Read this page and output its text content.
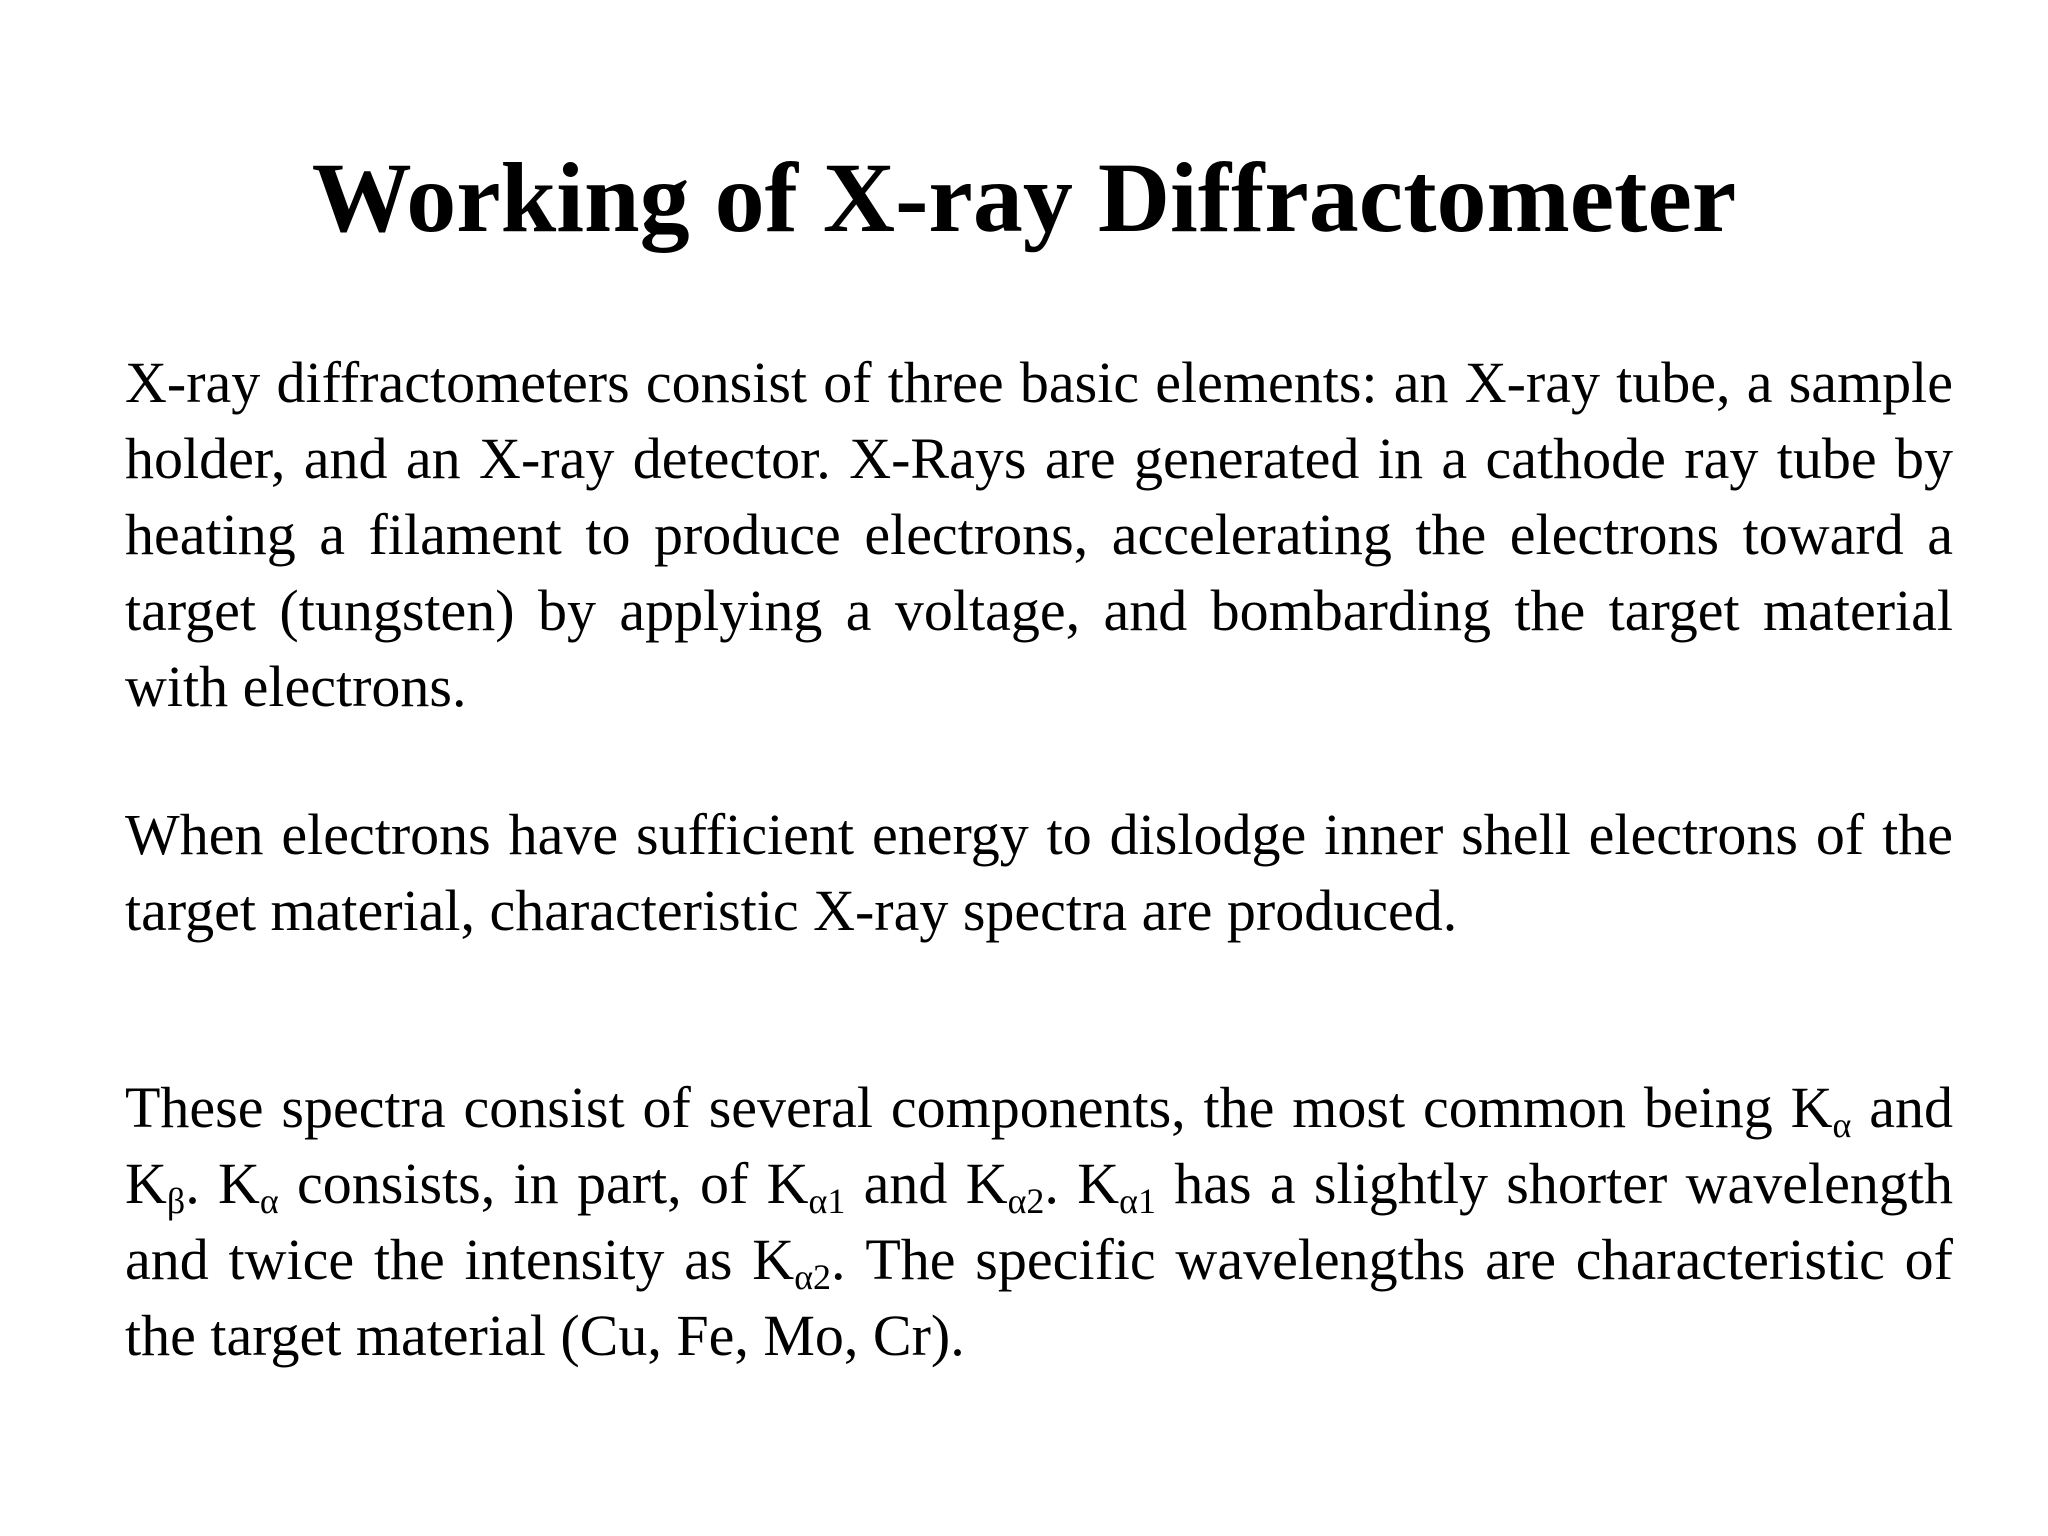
Working of X-ray Diffractometer

X-ray diffractometers consist of three basic elements: an X-ray tube, a sample holder, and an X-ray detector. X-Rays are generated in a cathode ray tube by heating a filament to produce electrons, accelerating the electrons toward a target (tungsten) by applying a voltage, and bombarding the target material with electrons.

When electrons have sufficient energy to dislodge inner shell electrons of the target material, characteristic X-ray spectra are produced.

These spectra consist of several components, the most common being $K_\alpha$ and $K_\beta$. $K_\alpha$ consists, in part, of $K_{\alpha 1}$ and $K_{\alpha 2}$. $K_{\alpha 1}$ has a slightly shorter wavelength and twice the intensity as $K_{\alpha 2}$. The specific wavelengths are characteristic of the target material (Cu, Fe, Mo, Cr).
